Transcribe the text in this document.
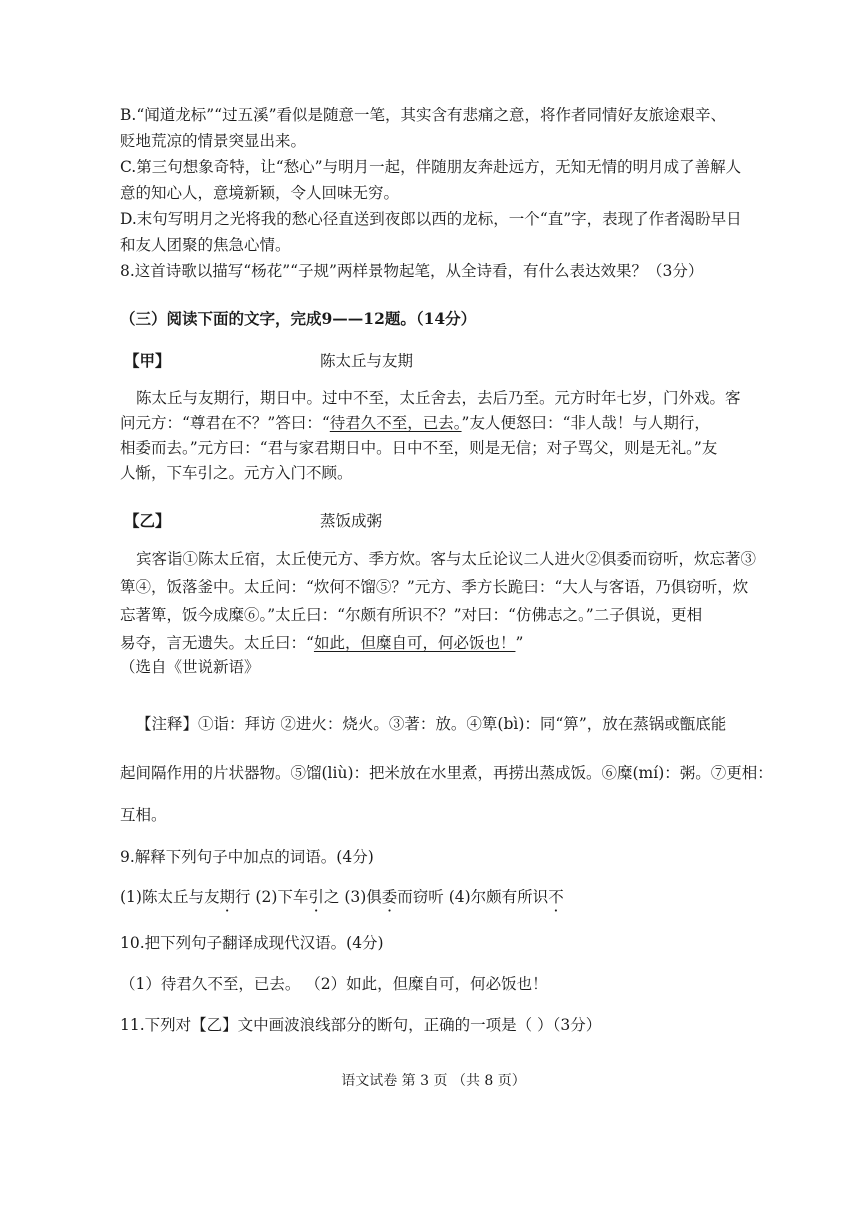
B.“闻道龙标”“过五溪”看似是随意一笔，其实含有悲痛之意，将作者同情好友旅途艰辛、
贬地荒凉的情景突显出来。
C.第三句想象奇特，让“愁心”与明月一起，伴随朋友奔赴远方，无知无情的明月成了善解人
意的知心人，意境新颖，令人回味无穷。
D.末句写明月之光将我的愁心径直送到夜郎以西的龙标，一个“直”字，表现了作者渴盼早日
和友人团聚的焦急心情。
8.这首诗歌以描写“杨花”“子规”两样景物起笔，从全诗看，有什么表达效果？（3分）
（三）阅读下面的文字，完成9——12题。（14分）
【甲】	陈太丘与友期
陈太丘与友期行，期日中。过中不至，太丘舍去，去后乃至。元方时年七岁，门外戏。客
问元方：“尊君在不？”答曰：“待君久不至，已去。”友人便怒曰：“非人哉！与人期行，
相委而去。”元方曰：“君与家君期日中。日中不至，则是无信；对子骂父，则是无礼。”友
人惭，下车引之。元方入门不顾。
【乙】	蒸饭成粥
宾客诣①陈太丘宿，太丘使元方、季方炊。客与太丘论议二人进火②俱委而窃听，炊忘著③
箄④，饭落釜中。太丘问：“炊何不馏⑤？”元方、季方长跪曰：“大人与客语，乃俱窃听，炊
忘著箄，饭今成糜⑥。”太丘曰：“尔颇有所识不？”对曰：“仿佛志之。”二子俱说，更相
易夺，言无遗失。太丘曰：“如此，但糜自可，何必饭也！”
（选自《世说新语》
【注释】①诣：拜访 ②进火：烧火。③著：放。④箄(bì)：同“箅”，放在蒸锅或甑底能
起间隔作用的片状器物。⑤馏(liù)：把米放在水里煮，再捞出蒸成饭。⑥糜(mí)：粥。⑦更相：
互相。
9.解释下列句子中加点的词语。(4分)
(1)陈太丘与友期行 (2)下车引之 (3)俱委而窃听 (4)尔颇有所识不
10.把下列句子翻译成现代汉语。(4分)
（1）待君久不至，已去。 （2）如此，但糜自可，何必饭也！
11.下列对【乙】文中画波浪线部分的断句，正确的一项是（ ）（3分）
语文试卷 第 3 页 （共 8 页）
